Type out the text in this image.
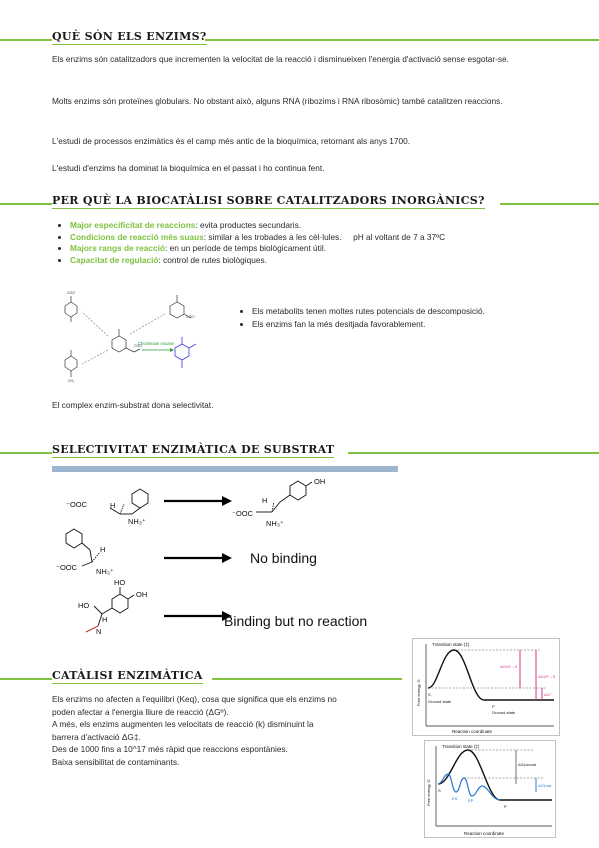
QUÈ SÓN ELS ENZIMS?
Els enzims són catalitzadors que incrementen la velocitat de la reacció i disminueixen l'energia d'activació sense esgotar-se.
Molts enzims són proteïnes globulars. No obstant això, alguns RNA (ribozims i RNA ribosòmic) també catalitzen reaccions.
L'estudi de processos enzimàtics és el camp més antic de la bioquímica, retornant als anys 1700.
L'estudi d'enzims ha dominat la bioquímica en el passat i ho continua fent.
PER QUÈ LA BIOCATÀLISI SOBRE CATALITZADORS INORGÀNICS?
• Major especificitat de reaccions: evita productes secundaris.
• Condicions de reacció més suaus: similar a les trobades a les cèl·lules.     pH al voltant de 7 a 37ºC
• Majors rangs de reacció: en un període de temps biològicament útil.
• Capacitat de regulació: control de rutes biològiques.
Chorismate mutase
COO
COO⁻
CH₃
COO
• Els metabolits tenen moltes rutes potencials de descomposició.
• Els enzims fan la més desitjada favorablement.
El complex enzim-substrat dona selectivitat.
SELECTIVITAT ENZIMÀTICA DE SUBSTRAT
⁻OOC	H
NH₃⁺
OH
⁻OOC
H
NH₃⁺
⁻OOC
H
NH₃⁺
No binding
HO
OH
HO
H
N
Binding but no reaction
CATÀLISI ENZIMÀTICA
Els enzims no afecten a l'equilibri (Keq), cosa que significa que els enzims no
poden afectar a l'energia lliure de reacció (ΔGº).
A més, els enzims augmenten les velocitats de reacció (k) disminuint la
barrera d'activació ΔG‡.
Des de 1000 fins a 10^17 més ràpid que reaccions espontànies.
Baixa sensibilitat de contaminants.
Transition state (‡)
Free energy, G
Reaction coordinate
S
Ground state
P
Ground state
ΔG‡S→X
ΔG‡P→S
ΔG°
Transition state (‡)
Free energy, G
Reaction coordinate
ES	EP
S
P
ΔG‡uncat
ΔG‡cat
